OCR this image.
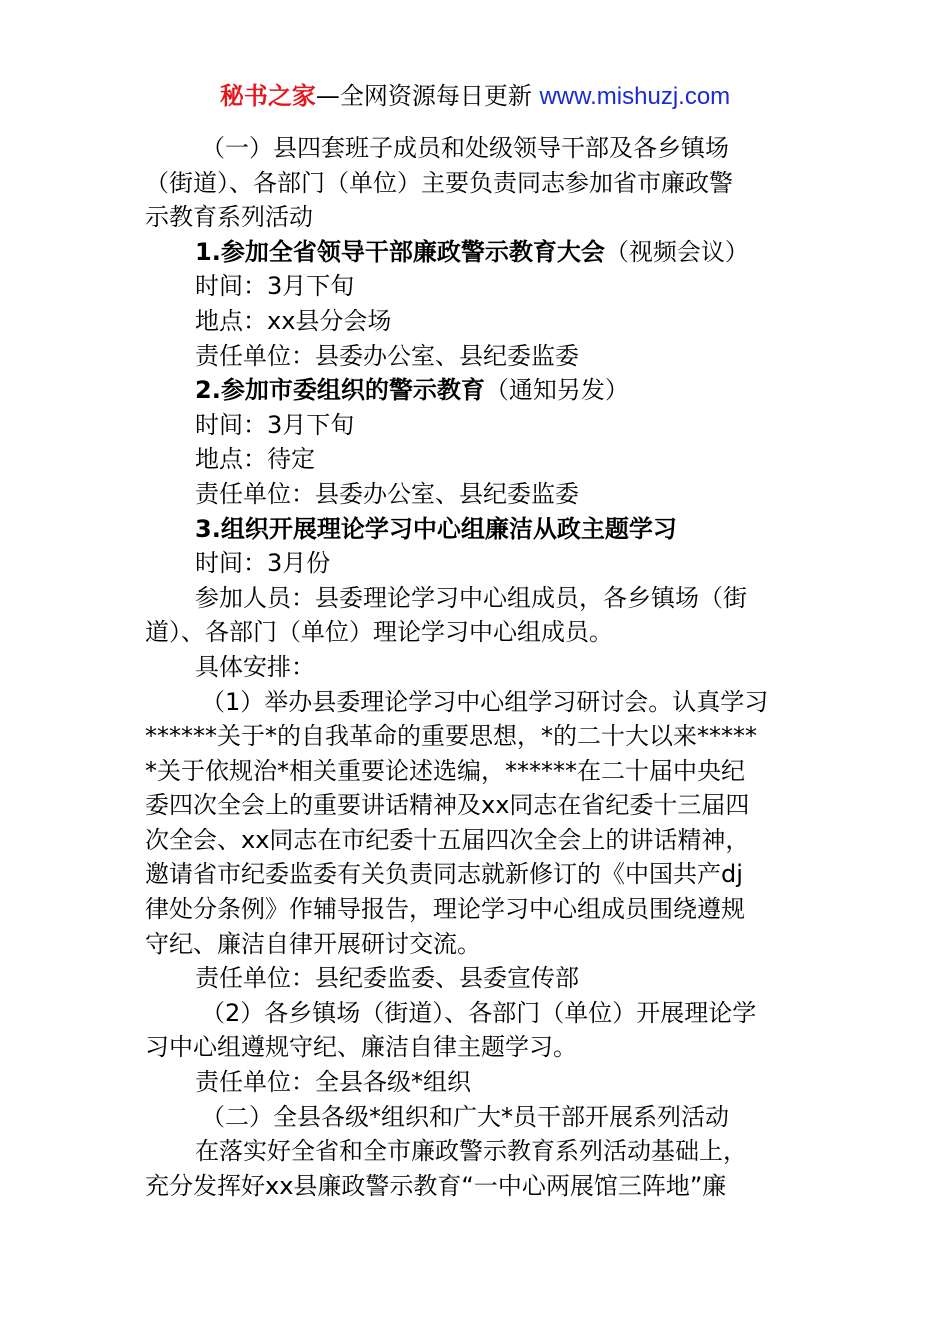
秘书之家—全网资源每日更新 www.mishuzj.com
（一）县四套班子成员和处级领导干部及各乡镇场
（街道）、各部门（单位）主要负责同志参加省市廉政警
示教育系列活动
1.参加全省领导干部廉政警示教育大会（视频会议）
时间：3月下旬
地点：xx县分会场
责任单位：县委办公室、县纪委监委
2.参加市委组织的警示教育（通知另发）
时间：3月下旬
地点：待定
责任单位：县委办公室、县纪委监委
3.组织开展理论学习中心组廉洁从政主题学习
时间：3月份
参加人员：县委理论学习中心组成员，各乡镇场（街
道）、各部门（单位）理论学习中心组成员。
具体安排：
（1）举办县委理论学习中心组学习研讨会。认真学习
******关于*的自我革命的重要思想，*的二十大以来*****
*关于依规治*相关重要论述选编，******在二十届中央纪
委四次全会上的重要讲话精神及xx同志在省纪委十三届四
次全会、xx同志在市纪委十五届四次全会上的讲话精神，
邀请省市纪委监委有关负责同志就新修订的《中国共产dj
律处分条例》作辅导报告，理论学习中心组成员围绕遵规
守纪、廉洁自律开展研讨交流。
责任单位：县纪委监委、县委宣传部
（2）各乡镇场（街道）、各部门（单位）开展理论学
习中心组遵规守纪、廉洁自律主题学习。
责任单位：全县各级*组织
（二）全县各级*组织和广大*员干部开展系列活动
在落实好全省和全市廉政警示教育系列活动基础上，
充分发挥好xx县廉政警示教育“一中心两展馆三阵地”廉
